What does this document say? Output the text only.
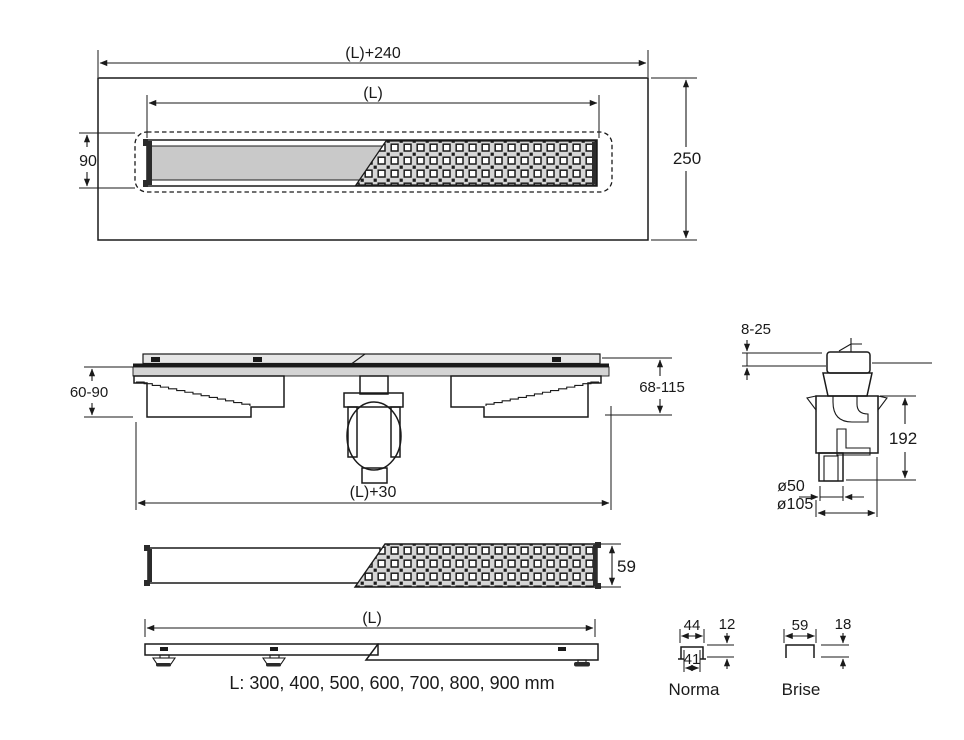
(L)+240
250
(L)
90
60-90	68-115
(L)+30
8-25
192
ø50
ø105
59
(L)
L: 300, 400, 500, 600, 700, 800, 900 mm
44
41
12
Norma
59 18
Brise
